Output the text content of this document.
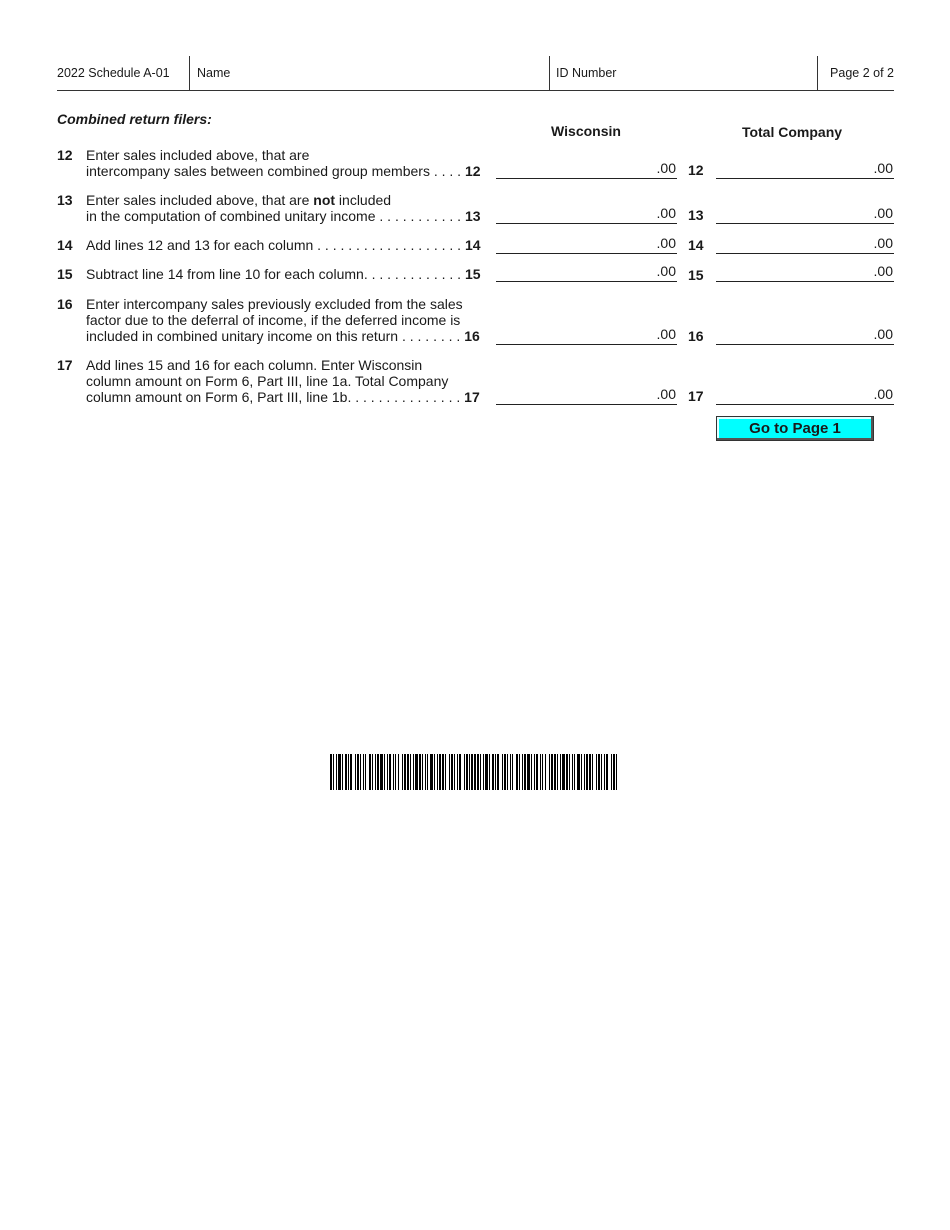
2022 Schedule A-01 Name	ID Number	Page 2 of 2
Combined return filers:
Wisconsin	Total Company
12 Enter sales included above, that are
intercompany sales between combined group members . . . . 12	.00 12	.00
13 Enter sales included above, that are not included
in the computation of combined unitary income . . . . . . . . . . . 13	.00 13	.00
14 Add lines 12 and 13 for each column . . . . . . . . . . . . . . . . . . . 14	.00 14	.00
15 Subtract line 14 from line 10 for each column. . . . . . . . . . . . . 15	.00 15	.00
16 Enter intercompany sales previously excluded from the sales
factor due to the deferral of income, if the deferred income is
included in combined unitary income on this return . . . . . . . . 16	.00 16	.00
17 Add lines 15 and 16 for each column. Enter Wisconsin
column amount on Form 6, Part III, line 1a. Total Company
column amount on Form 6, Part III, line 1b. . . . . . . . . . . . . . . 17	.00 17	.00
Go to Page 1
